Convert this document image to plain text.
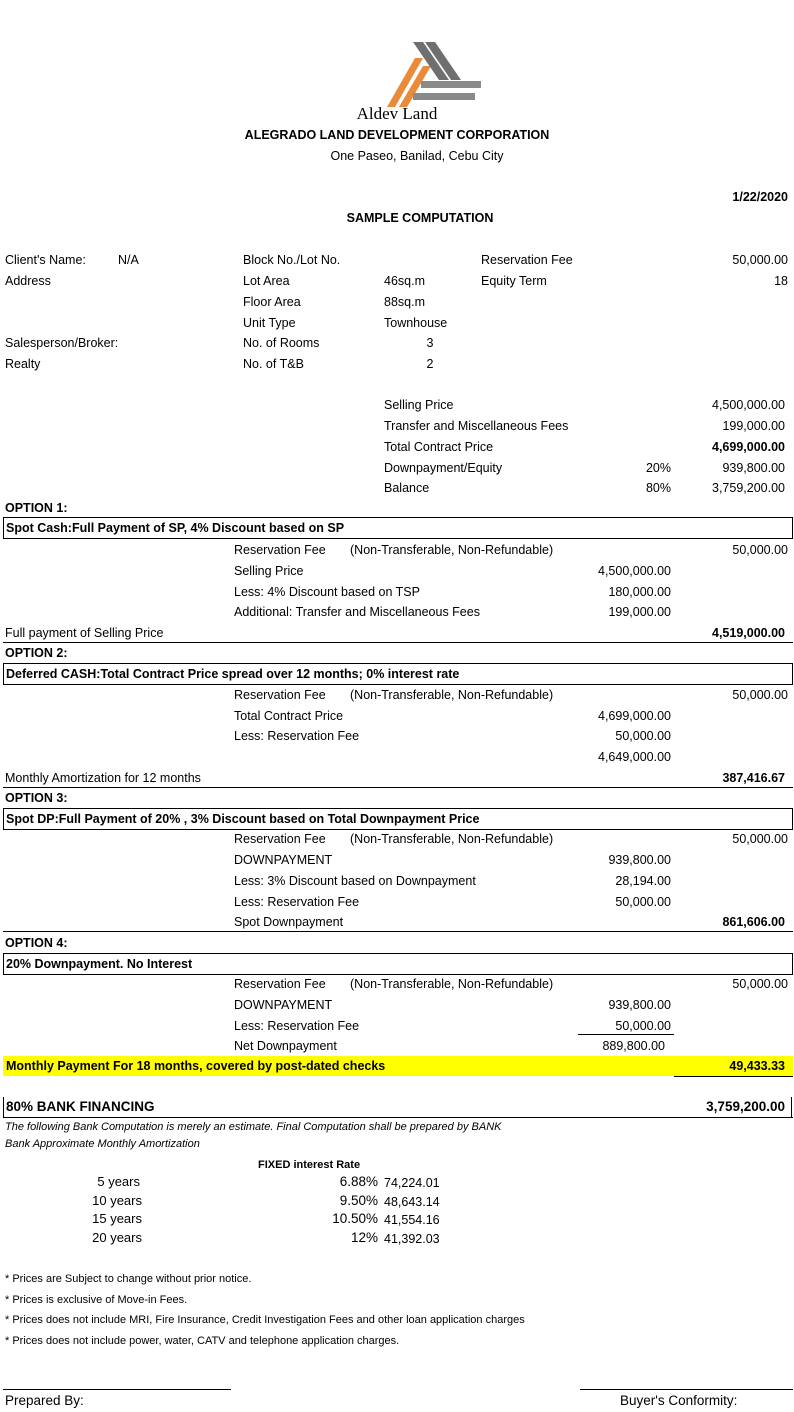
Aldev Land
ALEGRADO LAND DEVELOPMENT CORPORATION
One Paseo, Banilad, Cebu City
1/22/2020
SAMPLE COMPUTATION
Client's Name:	N/A
Address
Salesperson/Broker:
Realty
Block No./Lot No.
Lot Area	46sq.m
Floor Area	88sq.m
Unit Type	Townhouse
No. of Rooms	3
No. of T&B	2
Reservation Fee	50,000.00
Equity Term	18
Selling Price	4,500,000.00
Transfer and Miscellaneous Fees	199,000.00
Total Contract Price	4,699,000.00
Downpayment/Equity	20%	939,800.00
Balance	80%	3,759,200.00
OPTION 1:
Spot Cash:Full Payment of SP, 4% Discount based on SP
Reservation Fee (Non-Transferable, Non-Refundable)	50,000.00
Selling Price	4,500,000.00
Less: 4% Discount based on TSP	180,000.00
Additional: Transfer and Miscellaneous Fees	199,000.00
Full payment of Selling Price	4,519,000.00
OPTION 2:
Deferred CASH:Total Contract Price spread over 12 months; 0% interest rate
Reservation Fee (Non-Transferable, Non-Refundable)	50,000.00
Total Contract Price	4,699,000.00
Less: Reservation Fee	50,000.00
4,649,000.00
Monthly Amortization for 12 months	387,416.67
OPTION 3:
Spot DP:Full Payment of 20% , 3% Discount based on Total Downpayment Price
Reservation Fee (Non-Transferable, Non-Refundable)	50,000.00
DOWNPAYMENT	939,800.00
Less: 3% Discount based on Downpayment	28,194.00
Less: Reservation Fee	50,000.00
Spot Downpayment	861,606.00
OPTION 4:
20% Downpayment. No Interest
Reservation Fee (Non-Transferable, Non-Refundable)	50,000.00
DOWNPAYMENT	939,800.00
Less: Reservation Fee	50,000.00
Net Downpayment	889,800.00
Monthly Payment For 18 months, covered by post-dated checks	49,433.33
80% BANK FINANCING	3,759,200.00
The following Bank Computation is merely an estimate. Final Computation shall be prepared by BANK
Bank Approximate Monthly Amortization
FIXED interest Rate
5 years	6.88% 74,224.01
10 years	9.50% 48,643.14
15 years	10.50% 41,554.16
20 years	12% 41,392.03
* Prices are Subject to change without prior notice.
* Prices is exclusive of Move-in Fees.
* Prices does not include MRI, Fire Insurance, Credit Investigation Fees and other loan application charges
* Prices does not include power, water, CATV and telephone application charges.
Prepared By:	Buyer's Conformity:
